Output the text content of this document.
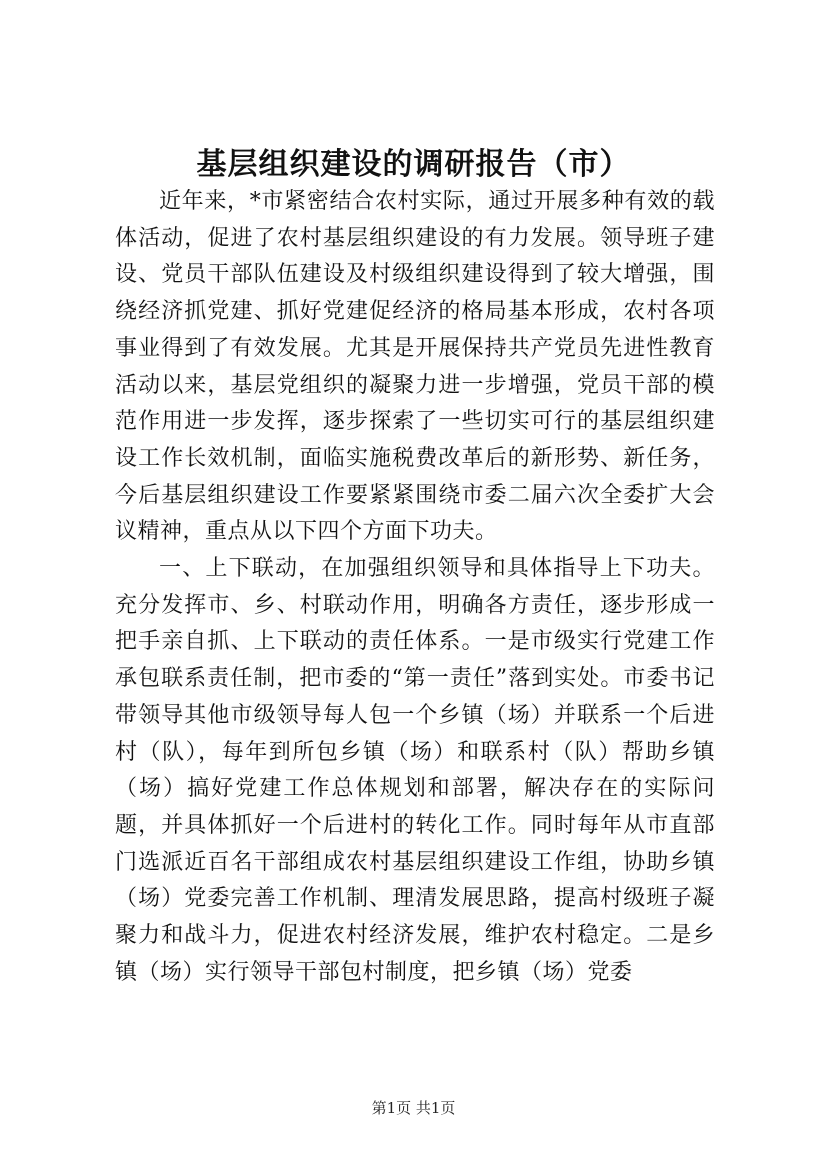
基层组织建设的调研报告（市）

近年来，*市紧密结合农村实际，通过开展多种有效的载体活动，促进了农村基层组织建设的有力发展。领导班子建设、党员干部队伍建设及村级组织建设得到了较大增强，围绕经济抓党建、抓好党建促经济的格局基本形成，农村各项事业得到了有效发展。尤其是开展保持共产党员先进性教育活动以来，基层党组织的凝聚力进一步增强，党员干部的模范作用进一步发挥，逐步探索了一些切实可行的基层组织建设工作长效机制，面临实施税费改革后的新形势、新任务，今后基层组织建设工作要紧紧围绕市委二届六次全委扩大会议精神，重点从以下四个方面下功夫。

一、上下联动，在加强组织领导和具体指导上下功夫。充分发挥市、乡、村联动作用，明确各方责任，逐步形成一把手亲自抓、上下联动的责任体系。一是市级实行党建工作承包联系责任制，把市委的“第一责任”落到实处。市委书记带领导其他市级领导每人包一个乡镇（场）并联系一个后进村（队），每年到所包乡镇（场）和联系村（队）帮助乡镇（场）搞好党建工作总体规划和部署，解决存在的实际问题，并具体抓好一个后进村的转化工作。同时每年从市直部门选派近百名干部组成农村基层组织建设工作组，协助乡镇（场）党委完善工作机制、理清发展思路，提高村级班子凝聚力和战斗力，促进农村经济发展，维护农村稳定。二是乡镇（场）实行领导干部包村制度，把乡镇（场）党委

第1页 共1页
